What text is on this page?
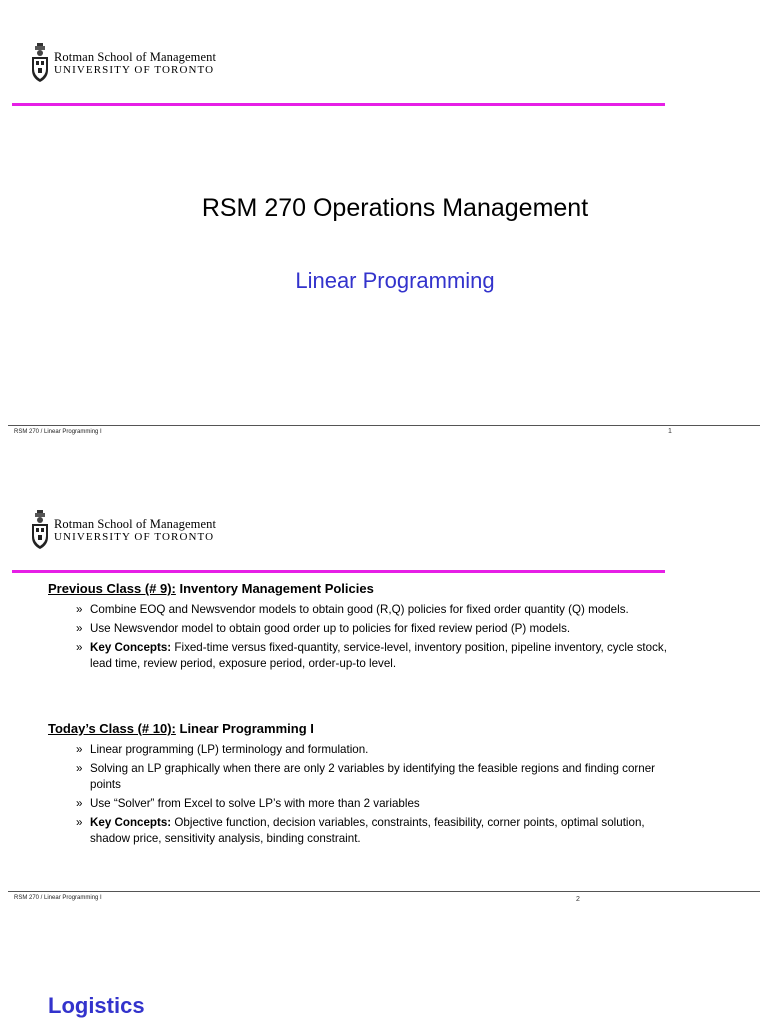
Rotman School of Management
UNIVERSITY OF TORONTO
RSM 270 Operations Management
Linear Programming
RSM 270 / Linear Programming I	1
Rotman School of Management
UNIVERSITY OF TORONTO
Previous Class (# 9): Inventory Management Policies
» Combine EOQ and Newsvendor models to obtain good (R,Q) policies for fixed order quantity (Q) models.
» Use Newsvendor model to obtain good order up to policies for fixed review period (P) models.
» Key Concepts: Fixed-time versus fixed-quantity, service-level, inventory position, pipeline inventory, cycle stock, lead time, review period, exposure period, order-up-to level.
Today’s Class (# 10): Linear Programming I
» Linear programming (LP) terminology and formulation.
» Solving an LP graphically when there are only 2 variables by identifying the feasible regions and finding corner points
» Use “Solver” from Excel to solve LP’s with more than 2 variables
» Key Concepts: Objective function, decision variables, constraints, feasibility, corner points, optimal solution, shadow price, sensitivity analysis, binding constraint.
RSM 270 / Linear Programming I	2
Logistics
